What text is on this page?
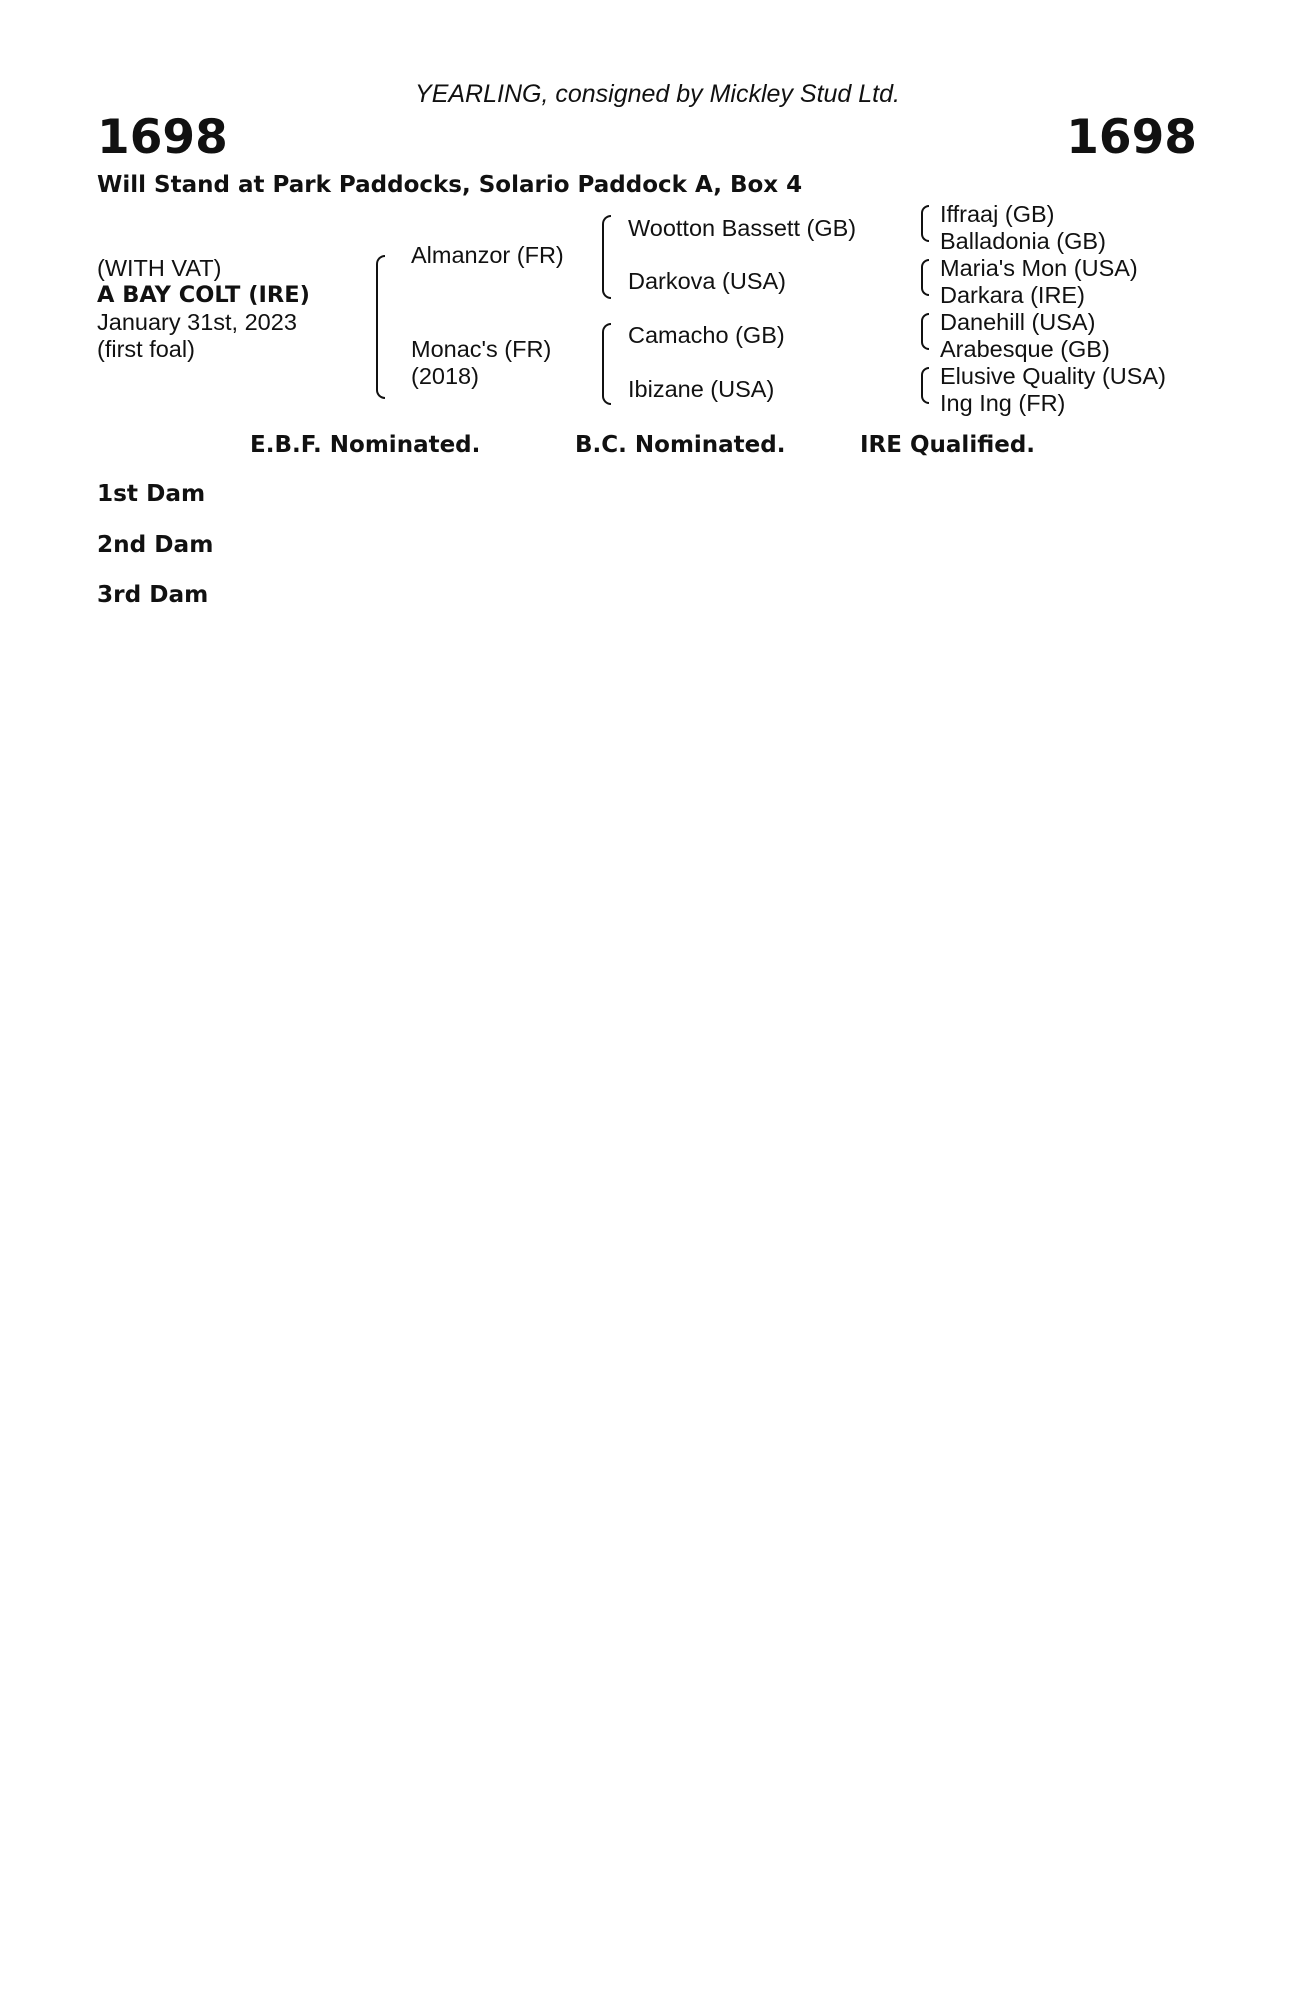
YEARLING, consigned by Mickley Stud Ltd.
1698	1698
Will Stand at Park Paddocks, Solario Paddock A, Box 4
(WITH VAT)
A BAY COLT (IRE)
January 31st, 2023
(first foal)
Almanzor (FR)
Monac's (FR)
(2018)
Wootton Bassett (GB)
Darkova (USA)
Camacho (GB)
Ibizane (USA)
Iffraaj (GB)
Balladonia (GB)
Maria's Mon (USA)
Darkara (IRE)
Danehill (USA)
Arabesque (GB)
Elusive Quality (USA)
Ing Ing (FR)
E.B.F. Nominated.	B.C. Nominated.	IRE Qualified.

1st Dam

2nd Dam

3rd Dam
